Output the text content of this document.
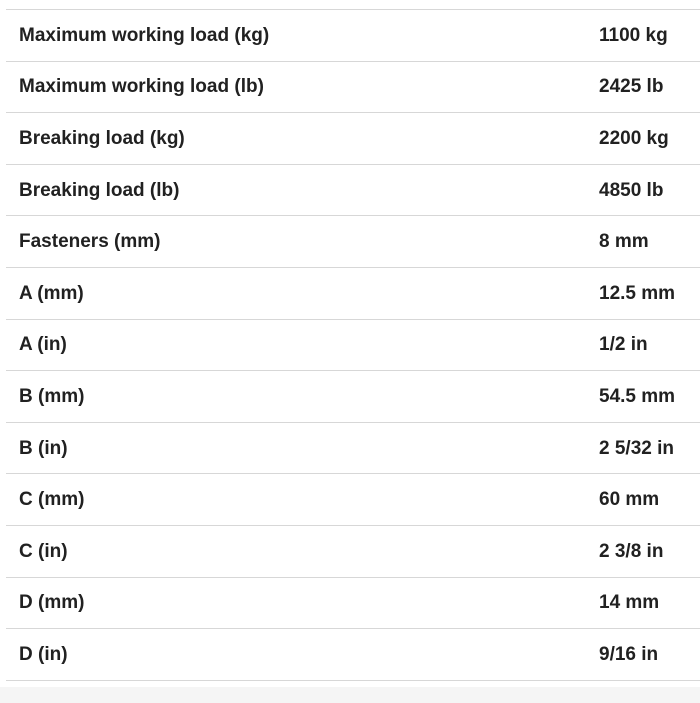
Maximum working load (kg)	1100 kg
Maximum working load (lb)	2425 lb
Breaking load (kg)	2200 kg
Breaking load (lb)	4850 lb
Fasteners (mm)	8 mm
A (mm)	12.5 mm
A (in)	1/2 in
B (mm)	54.5 mm
B (in)	2 5/32 in
C (mm)	60 mm
C (in)	2 3/8 in
D (mm)	14 mm
D (in)	9/16 in
